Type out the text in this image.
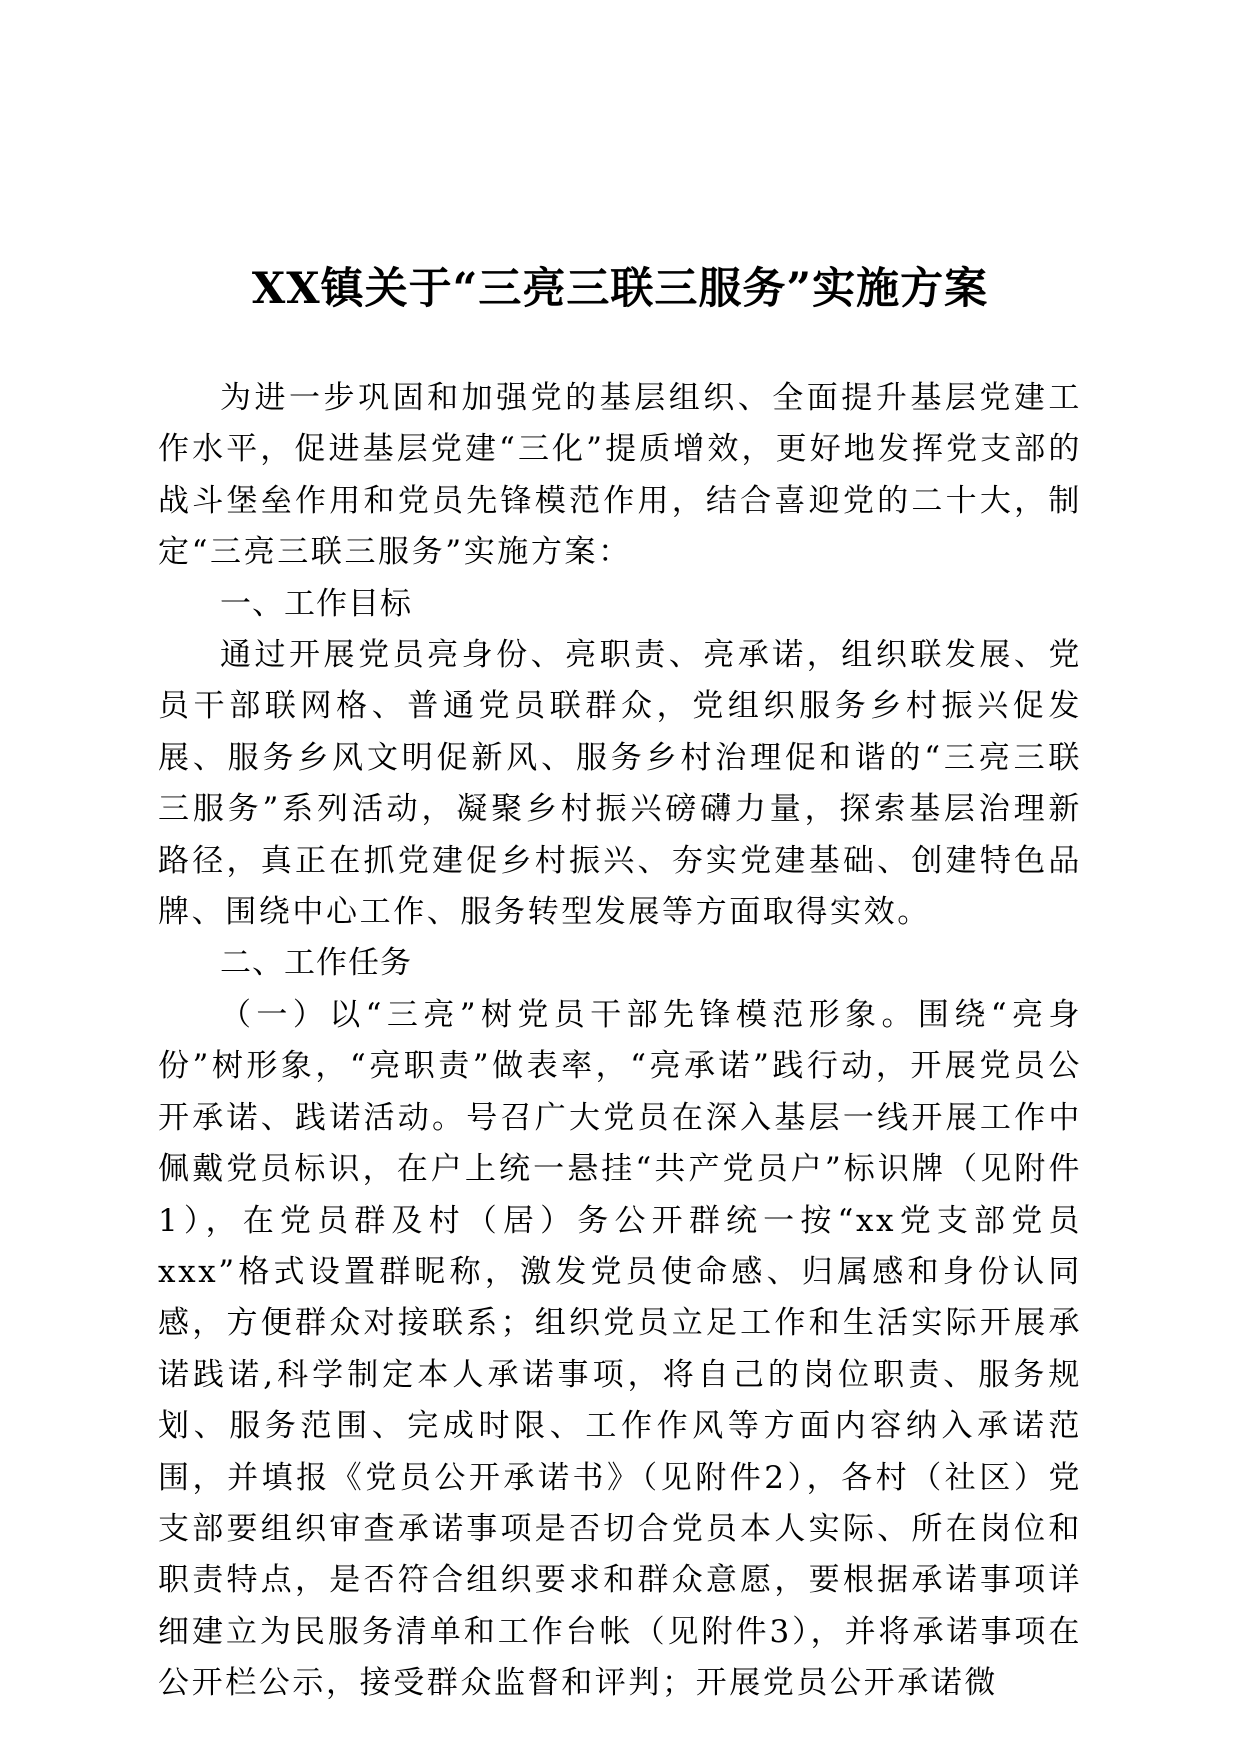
XX镇关于“三亮三联三服务”实施方案

为进一步巩固和加强党的基层组织、全面提升基层党建工作水平，促进基层党建“三化”提质增效，更好地发挥党支部的战斗堡垒作用和党员先锋模范作用，结合喜迎党的二十大，制定“三亮三联三服务”实施方案：

一、工作目标

通过开展党员亮身份、亮职责、亮承诺，组织联发展、党员干部联网格、普通党员联群众，党组织服务乡村振兴促发展、服务乡风文明促新风、服务乡村治理促和谐的“三亮三联三服务”系列活动，凝聚乡村振兴磅礴力量，探索基层治理新路径，真正在抓党建促乡村振兴、夯实党建基础、创建特色品牌、围绕中心工作、服务转型发展等方面取得实效。

二、工作任务

（一）以“三亮”树党员干部先锋模范形象。围绕“亮身份”树形象，“亮职责”做表率，“亮承诺”践行动，开展党员公开承诺、践诺活动。号召广大党员在深入基层一线开展工作中佩戴党员标识，在户上统一悬挂“共产党员户”标识牌（见附件1），在党员群及村（居）务公开群统一按“xx党支部党员xxx”格式设置群昵称，激发党员使命感、归属感和身份认同感，方便群众对接联系；组织党员立足工作和生活实际开展承诺践诺,科学制定本人承诺事项，将自己的岗位职责、服务规划、服务范围、完成时限、工作作风等方面内容纳入承诺范围，并填报《党员公开承诺书》（见附件2），各村（社区）党支部要组织审查承诺事项是否切合党员本人实际、所在岗位和职责特点，是否符合组织要求和群众意愿，要根据承诺事项详细建立为民服务清单和工作台帐（见附件3），并将承诺事项在公开栏公示，接受群众监督和评判；开展党员公开承诺微
